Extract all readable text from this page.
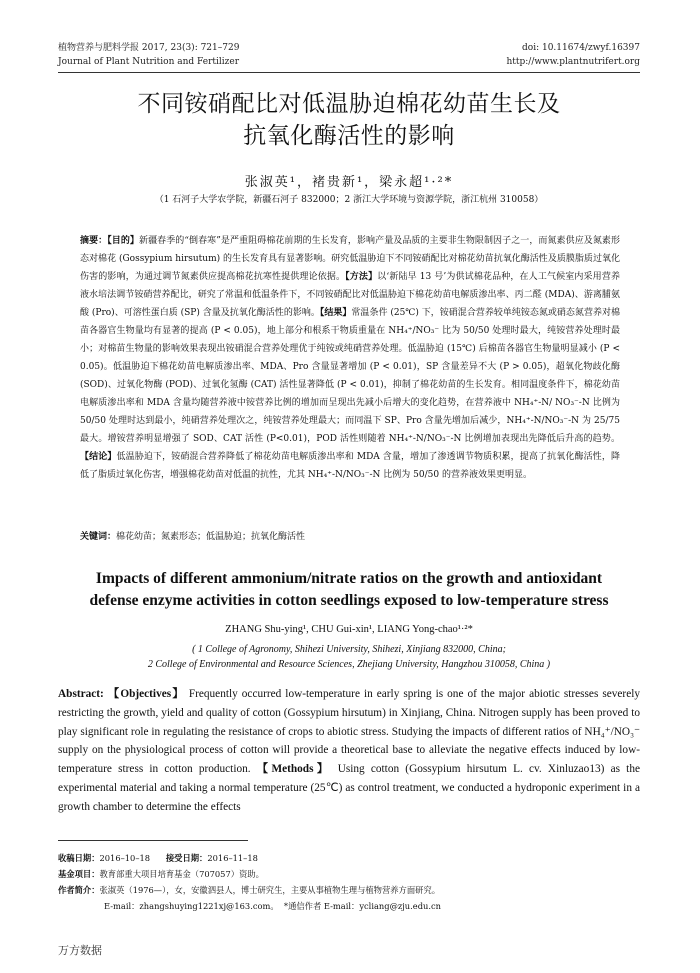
植物营养与肥料学报 2017, 23(3): 721–729	doi: 10.11674/zwyf.16397
Journal of Plant Nutrition and Fertilizer	http://www.plantnutrifert.org
不同铵硝配比对低温胁迫棉花幼苗生长及
抗氧化酶活性的影响
张淑英¹，褚贵新¹，梁永超¹·²*
（1 石河子大学农学院，新疆石河子 832000；2 浙江大学环境与资源学院，浙江杭州 310058）
摘要：【目的】新疆春季的“倒春寒”是严重阻碍棉花前期的生长发育，影响产量及品质的主要非生物限制因子之一，而氮素供应及氮素形态对棉花 (Gossypium hirsutum) 的生长发育具有显著影响。研究低温胁迫下不同铵硝配比对棉花幼苗抗氧化酶活性及质膜脂质过氧化伤害的影响，为通过调节氮素供应提高棉花抗寒性提供理论依据。【方法】以‘新陆早 13 号’为供试棉花品种，在人工气候室内采用营养液水培法调节铵硝营养配比，研究了常温和低温条件下，不同铵硝配比对低温胁迫下棉花幼苗电解质渗出率、丙二醛 (MDA)、游离脯氨酸 (Pro)、可溶性蛋白质 (SP) 含量及抗氧化酶活性的影响。【结果】常温条件 (25℃) 下，铵硝混合营养较单纯铵态氮或硝态氮营养对棉苗各器官生物量均有显著的提高 (P < 0.05)，地上部分和根系干物质重量在 NH₄⁺/NO₃⁻ 比为 50/50 处理时最大，纯铵营养处理时最小；对棉苗生物量的影响效果表现出铵硝混合营养处理优于纯铵或纯硝营养处理。低温胁迫 (15℃) 后棉苗各器官生物量明显减小 (P < 0.05)。低温胁迫下棉花幼苗电解质渗出率、MDA、Pro 含量显著增加 (P < 0.01)，SP 含量差异不大 (P > 0.05)，超氧化物歧化酶 (SOD)、过氧化物酶 (POD)、过氧化氢酶 (CAT) 活性显著降低 (P < 0.01)，抑制了棉花幼苗的生长发育。相同温度条件下，棉花幼苗电解质渗出率和 MDA 含量均随营养液中铵营养比例的增加而呈现出先减小后增大的变化趋势，在营养液中 NH₄⁺-N/ NO₃⁻-N 比例为 50/50 处理时达到最小，纯硝营养处理次之，纯铵营养处理最大；而同温下 SP、Pro 含量先增加后减少，NH₄⁺-N/NO₃⁻-N 为 25/75 最大。增铵营养明显增强了 SOD、CAT 活性 (P<0.01)，POD 活性则随着 NH₄⁺-N/NO₃⁻-N 比例增加表现出先降低后升高的趋势。【结论】低温胁迫下，铵硝混合营养降低了棉花幼苗电解质渗出率和 MDA 含量，增加了渗透调节物质积累，提高了抗氧化酶活性，降低了脂质过氧化伤害，增强棉花幼苗对低温的抗性，尤其 NH₄⁺-N/NO₃⁻-N 比例为 50/50 的营养液效果更明显。
关键词：棉花幼苗；氮素形态；低温胁迫；抗氧化酶活性
Impacts of different ammonium/nitrate ratios on the growth and antioxidant
defense enzyme activities in cotton seedlings exposed to low-temperature stress
ZHANG Shu-ying¹, CHU Gui-xin¹, LIANG Yong-chao¹·²*
( 1 College of Agronomy, Shihezi University, Shihezi, Xinjiang 832000, China;
2 College of Environmental and Resource Sciences, Zhejiang University, Hangzhou 310058, China )
Abstract: 【Objectives】 Frequently occurred low-temperature in early spring is one of the major abiotic stresses severely restricting the growth, yield and quality of cotton (Gossypium hirsutum) in Xinjiang, China. Nitrogen supply has been proved to play significant role in regulating the resistance of crops to abiotic stress. Studying the impacts of different ratios of NH₄⁺/NO₃⁻ supply on the physiological process of cotton will provide a theoretical base to alleviate the negative effects induced by low-temperature stress in cotton production. 【Methods】 Using cotton (Gossypium hirsutum L. cv. Xinluzao13) as the experimental material and taking a normal temperature (25℃) as control treatment, we conducted a hydroponic experiment in a growth chamber to determine the effects
收稿日期：2016–10–18 接受日期：2016–11–18
基金项目：教育部重大项目培育基金（707057）资助。
作者简介：张淑英（1976—），女，安徽泗县人，博士研究生，主要从事植物生理与植物营养方面研究。
E-mail：zhangshuying1221xj@163.com。 *通信作者 E-mail：ycliang@zju.edu.cn
万方数据
